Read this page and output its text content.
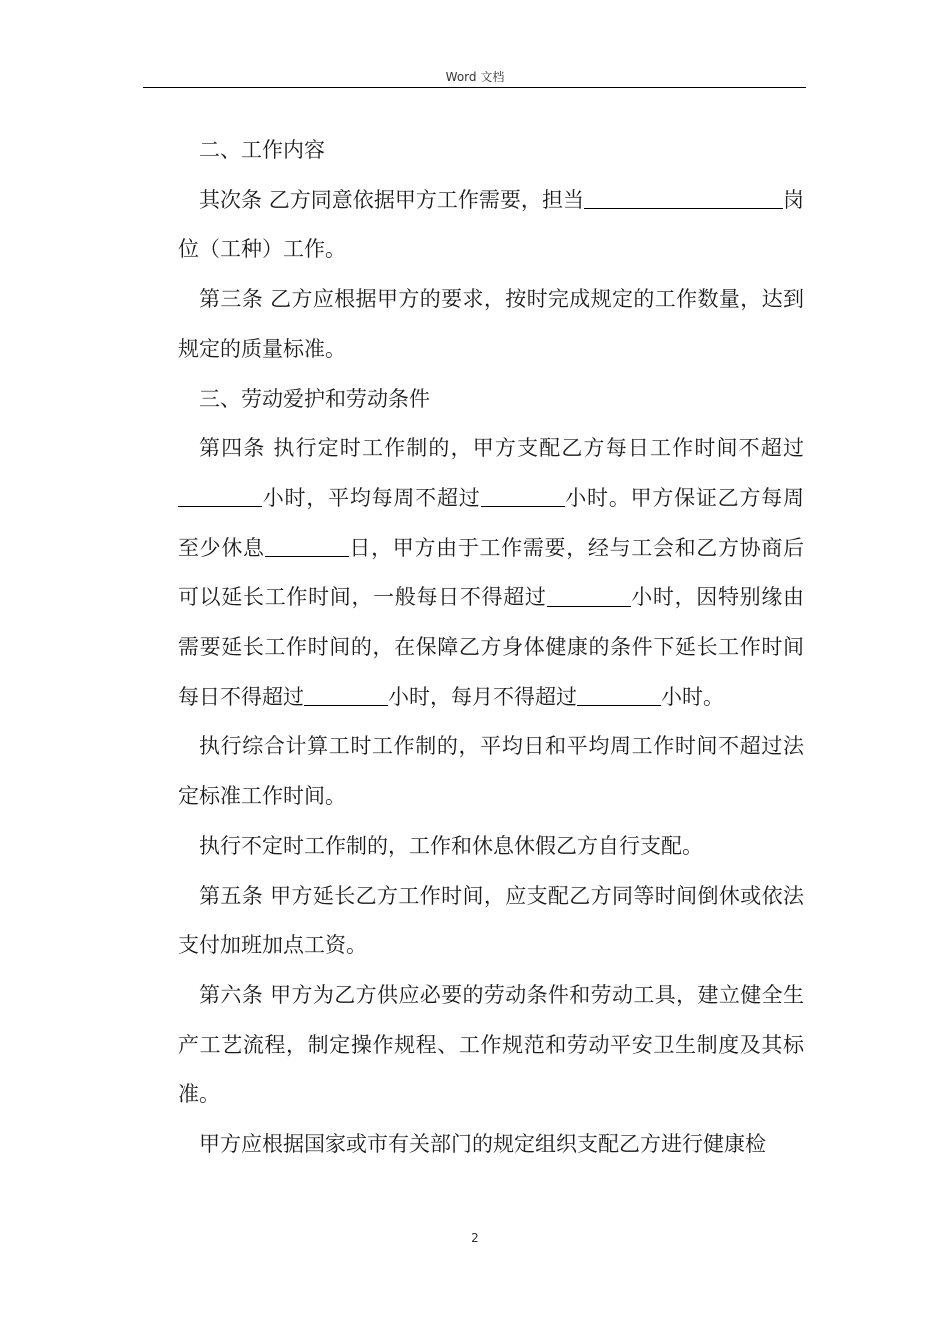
Word 文档

二、工作内容

其次条 乙方同意依据甲方工作需要，担当	岗位（工种）工作。

第三条 乙方应根据甲方的要求，按时完成规定的工作数量，达到规定的质量标准。

三、劳动爱护和劳动条件

第四条 执行定时工作制的，甲方支配乙方每日工作时间不超过小时，平均每周不超过	小时。甲方保证乙方每周至少休息	日，甲方由于工作需要，经与工会和乙方协商后可以延长工作时间，一般每日不得超过	小时，因特别缘由需要延长工作时间的，在保障乙方身体健康的条件下延长工作时间每日不得超过	小时，每月不得超过	小时。

执行综合计算工时工作制的，平均日和平均周工作时间不超过法定标准工作时间。

执行不定时工作制的，工作和休息休假乙方自行支配。

第五条 甲方延长乙方工作时间，应支配乙方同等时间倒休或依法支付加班加点工资。

第六条 甲方为乙方供应必要的劳动条件和劳动工具，建立健全生产工艺流程，制定操作规程、工作规范和劳动平安卫生制度及其标准。

甲方应根据国家或市有关部门的规定组织支配乙方进行健康检

2
